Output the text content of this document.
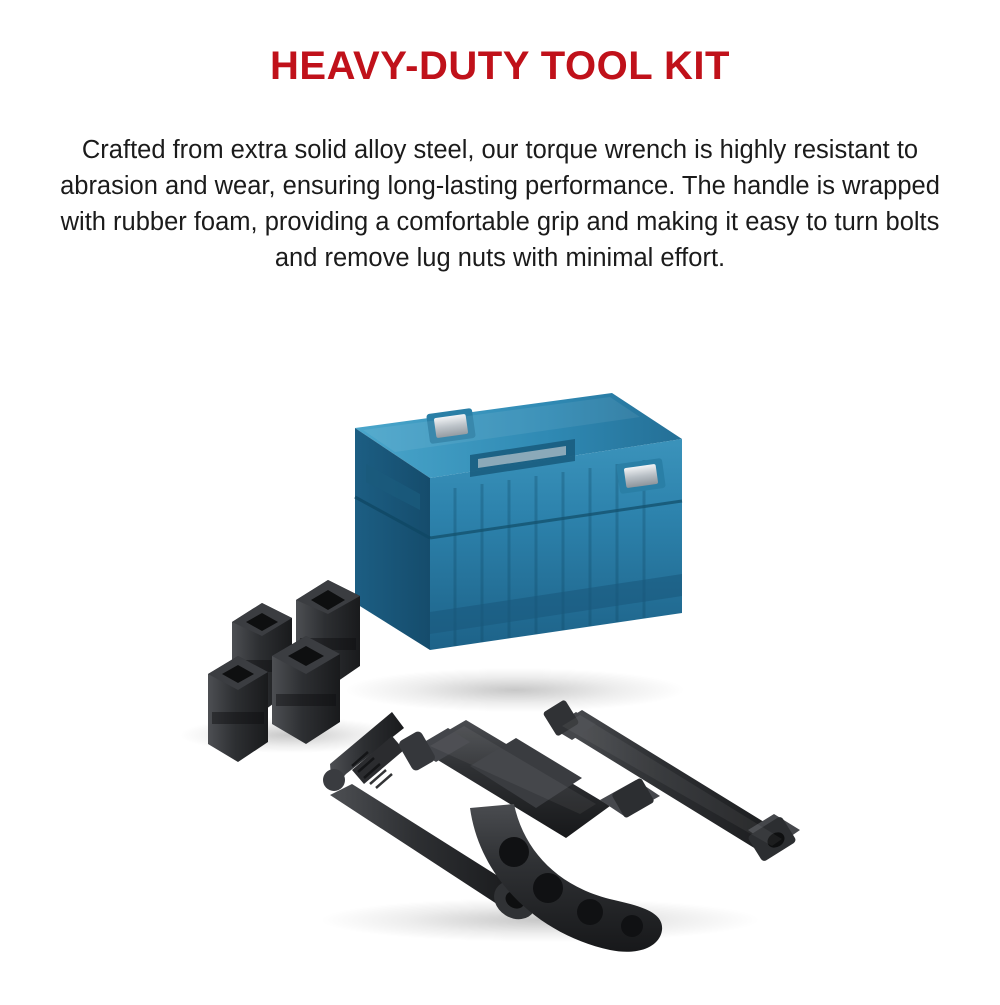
HEAVY-DUTY TOOL KIT
Crafted from extra solid alloy steel, our torque wrench is highly resistant to abrasion and wear, ensuring long-lasting performance. The handle is wrapped with rubber foam, providing a comfortable grip and making it easy to turn bolts and remove lug nuts with minimal effort.
